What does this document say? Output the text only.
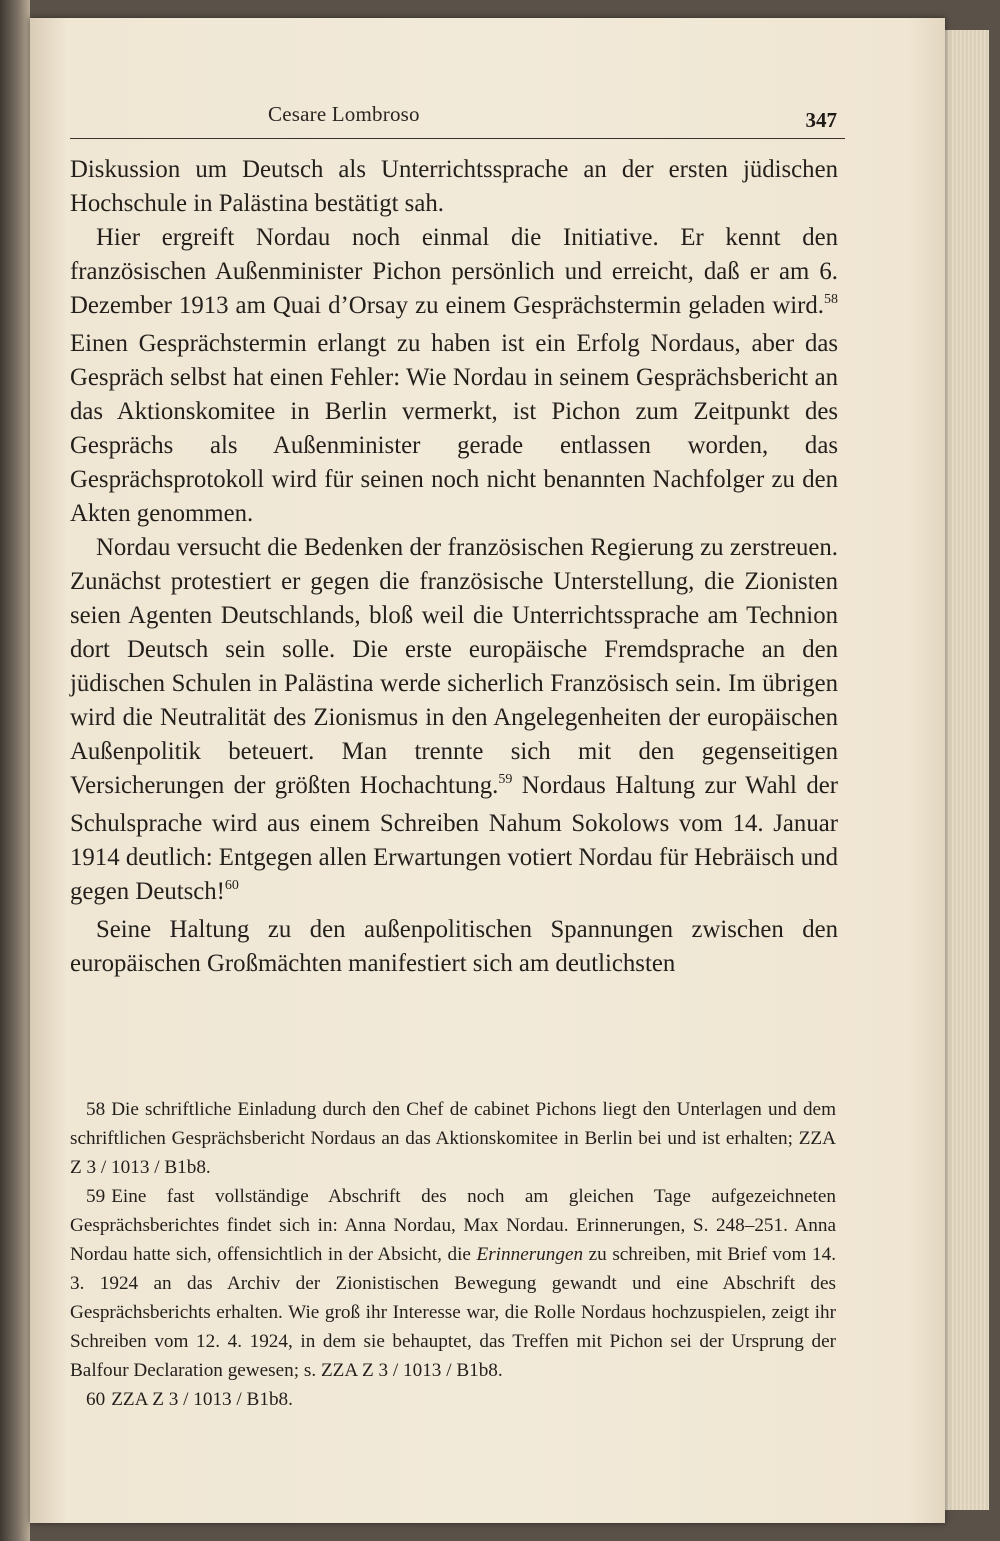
Cesare Lombroso	347

Diskussion um Deutsch als Unterrichtssprache an der ersten jüdischen Hochschule in Palästina bestätigt sah.

Hier ergreift Nordau noch einmal die Initiative. Er kennt den französischen Außenminister Pichon persönlich und erreicht, daß er am 6. Dezember 1913 am Quai d’Orsay zu einem Gesprächstermin geladen wird.$^{58}$ Einen Gesprächstermin erlangt zu haben ist ein Erfolg Nordaus, aber das Gespräch selbst hat einen Fehler: Wie Nordau in seinem Gesprächsbericht an das Aktionskomitee in Berlin vermerkt, ist Pichon zum Zeitpunkt des Gesprächs als Außenminister gerade entlassen worden, das Gesprächsprotokoll wird für seinen noch nicht benannten Nachfolger zu den Akten genommen.

Nordau versucht die Bedenken der französischen Regierung zu zerstreuen. Zunächst protestiert er gegen die französische Unterstellung, die Zionisten seien Agenten Deutschlands, bloß weil die Unterrichtssprache am Technion dort Deutsch sein solle. Die erste europäische Fremdsprache an den jüdischen Schulen in Palästina werde sicherlich Französisch sein. Im übrigen wird die Neutralität des Zionismus in den Angelegenheiten der europäischen Außenpolitik beteuert. Man trennte sich mit den gegenseitigen Versicherungen der größten Hochachtung.$^{59}$ Nordaus Haltung zur Wahl der Schulsprache wird aus einem Schreiben Nahum Sokolows vom 14. Januar 1914 deutlich: Entgegen allen Erwartungen votiert Nordau für Hebräisch und gegen Deutsch!$^{60}$

Seine Haltung zu den außenpolitischen Spannungen zwischen den europäischen Großmächten manifestiert sich am deutlichsten

58 Die schriftliche Einladung durch den Chef de cabinet Pichons liegt den Unterlagen und dem schriftlichen Gesprächsbericht Nordaus an das Aktionskomitee in Berlin bei und ist erhalten; ZZA Z 3 / 1013 / B1b8.

59 Eine fast vollständige Abschrift des noch am gleichen Tage aufgezeichneten Gesprächsberichtes findet sich in: Anna Nordau, Max Nordau. Erinnerungen, S. 248–251. Anna Nordau hatte sich, offensichtlich in der Absicht, die Erinnerungen zu schreiben, mit Brief vom 14. 3. 1924 an das Archiv der Zionistischen Bewegung gewandt und eine Abschrift des Gesprächsberichts erhalten. Wie groß ihr Interesse war, die Rolle Nordaus hochzuspielen, zeigt ihr Schreiben vom 12. 4. 1924, in dem sie behauptet, das Treffen mit Pichon sei der Ursprung der Balfour Declaration gewesen; s. ZZA Z 3 / 1013 / B1b8.

60 ZZA Z 3 / 1013 / B1b8.
